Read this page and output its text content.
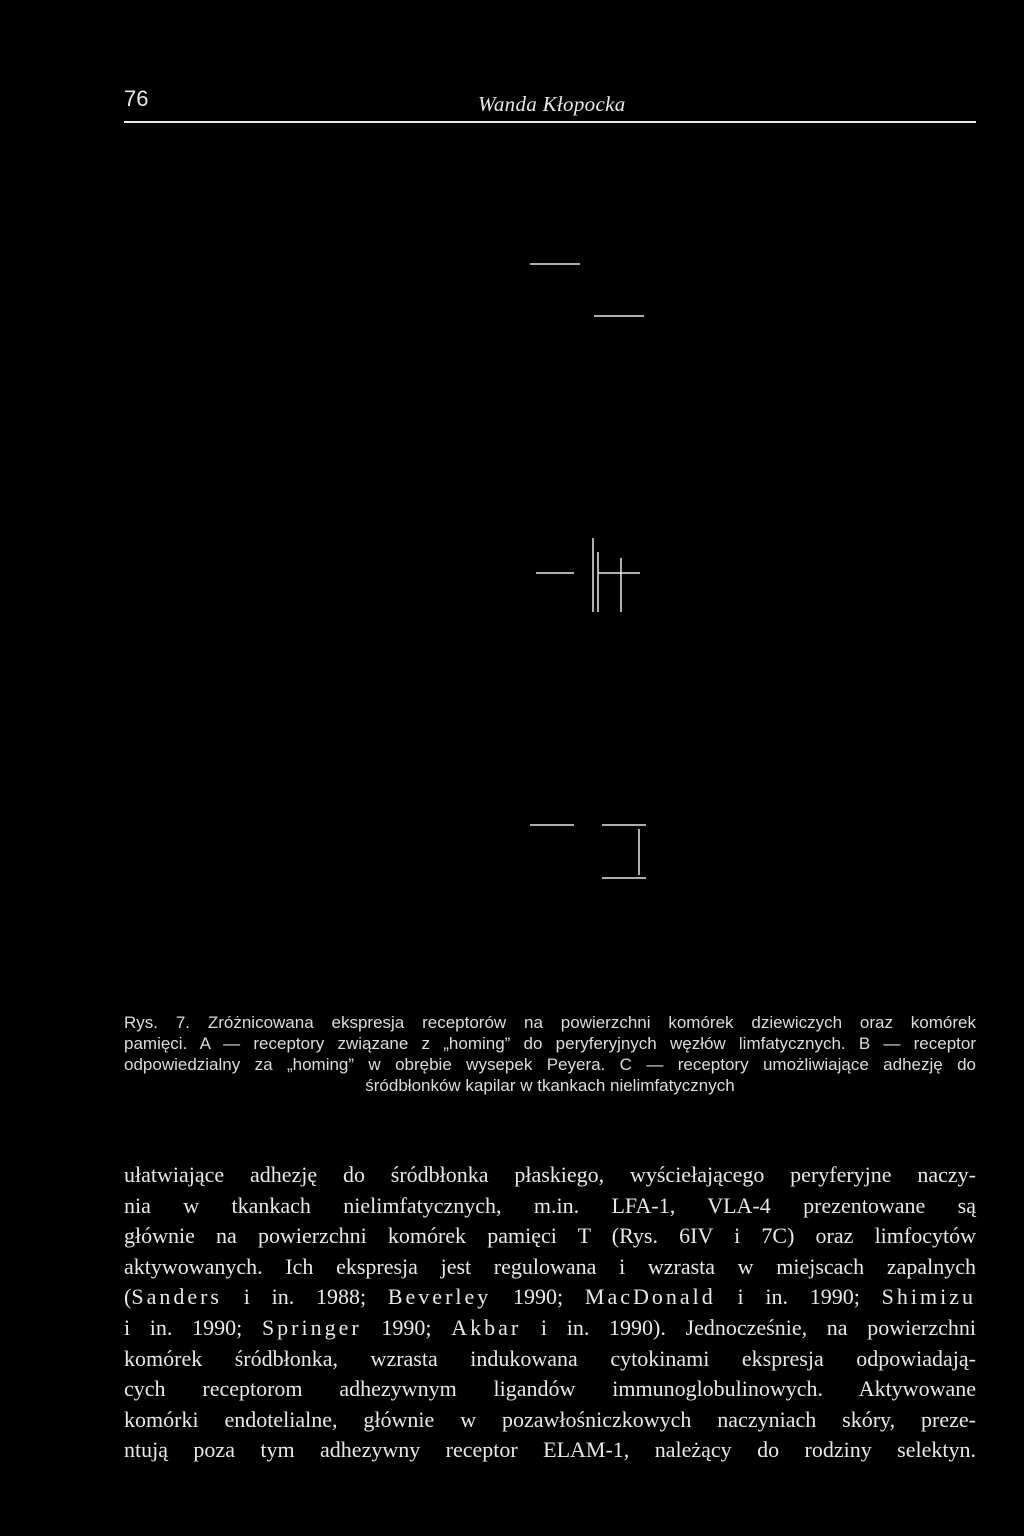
76	Wanda Kłopocka

Rys. 7. Zróżnicowana ekspresja receptorów na powierzchni komórek dziewiczych oraz komórek

pamięci. A — receptory związane z „homing” do peryferyjnych węzłów limfatycznych. B — receptor

odpowiedzialny za „homing” w obrębie wysepek Peyera. C — receptory umożliwiające adhezję do

śródbłonków kapilar w tkankach nielimfatycznych

ułatwiające adhezję do śródbłonka płaskiego, wyściełającego peryferyjne naczy-

nia w tkankach nielimfatycznych, m.in. LFA-1, VLA-4 prezentowane są

głównie na powierzchni komórek pamięci T (Rys. 6IV i 7C) oraz limfocytów

aktywowanych. Ich ekspresja jest regulowana i wzrasta w miejscach zapalnych

(Sanders i in. 1988; Beverley 1990; MacDonald i in. 1990; Shimizu

i in. 1990; Springer 1990; Akbar i in. 1990). Jednocześnie, na powierzchni

komórek śródbłonka, wzrasta indukowana cytokinami ekspresja odpowiadają-

cych receptorom adhezywnym ligandów immunoglobulinowych. Aktywowane

komórki endotelialne, głównie w pozawłośniczkowych naczyniach skóry, preze-

ntują poza tym adhezywny receptor ELAM-1, należący do rodziny selektyn.
